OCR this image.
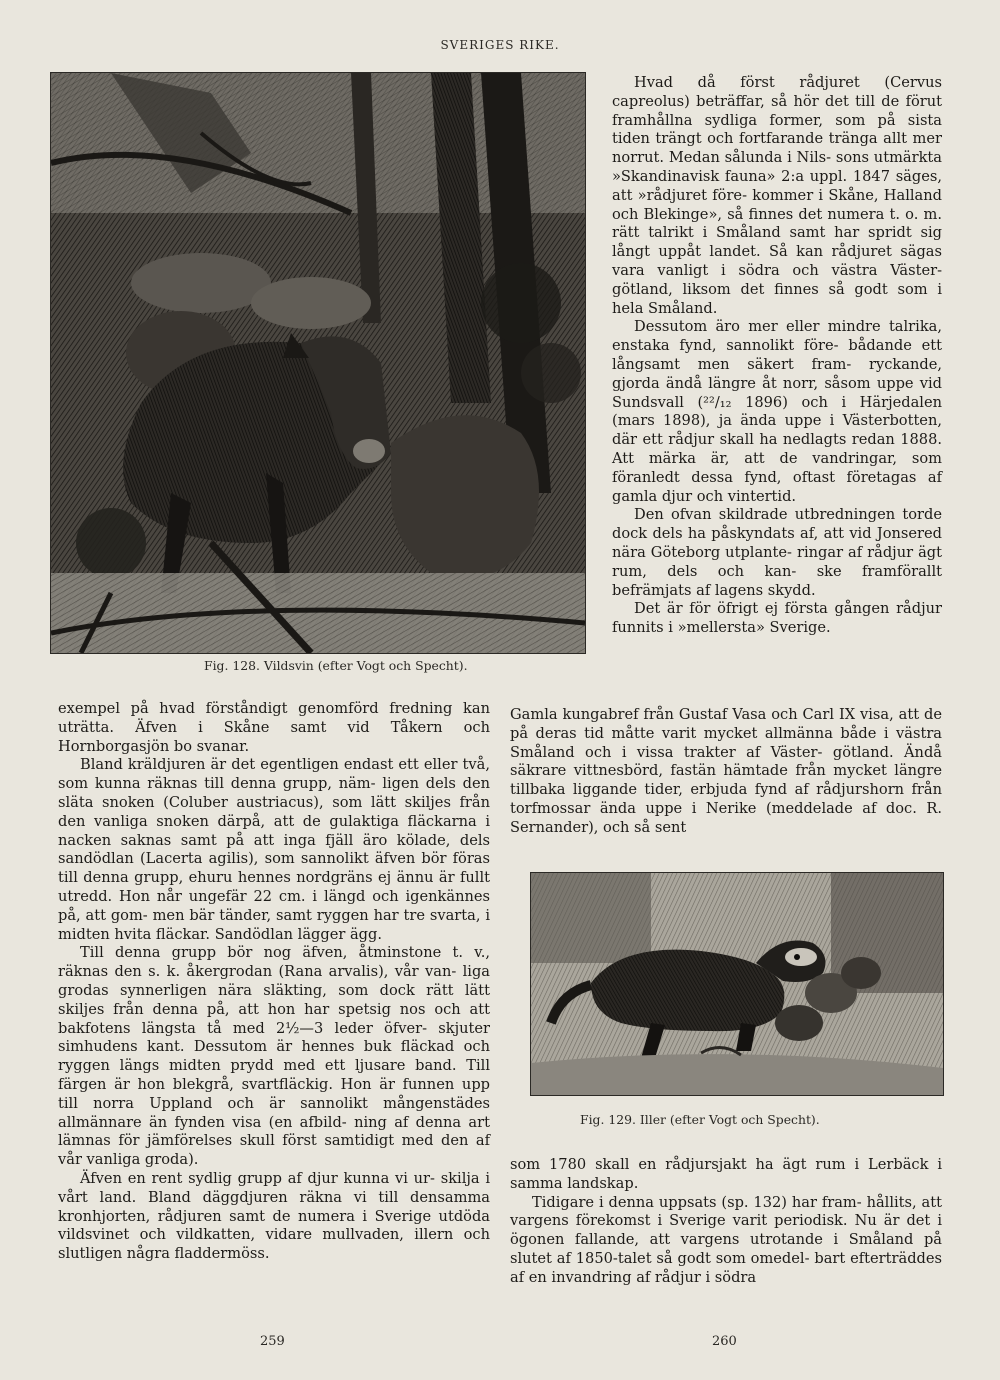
SVERIGES RIKE.
Fig. 128. Vildsvin (efter Vogt och Specht).

exempel på hvad förståndigt genomförd fredning kan uträtta. Äfven i Skåne samt vid Tåkern och Hornborgasjön bo svanar.

Bland kräldjuren är det egentligen endast ett eller två, som kunna räknas till denna grupp, näm- ligen dels den släta snoken (Coluber austriacus), som lätt skiljes från den vanliga snoken därpå, att de gulaktiga fläckarna i nacken saknas samt på att inga fjäll äro kölade, dels sandödlan (Lacerta agilis), som sannolikt äfven bör föras till denna grupp, ehuru hennes nordgräns ej ännu är fullt utredd. Hon når ungefär 22 cm. i längd och igenkännes på, att gom- men bär tänder, samt ryggen har tre svarta, i midten hvita fläckar. Sandödlan lägger ägg.

Till denna grupp bör nog äfven, åtminstone t. v., räknas den s. k. åkergrodan (Rana arvalis), vår van- liga grodas synnerligen nära släkting, som dock rätt lätt skiljes från denna på, att hon har spetsig nos och att bakfotens längsta tå med 2½—3 leder öfver- skjuter simhudens kant. Dessutom är hennes buk fläckad och ryggen längs midten prydd med ett ljusare band. Till färgen är hon blekgrå, svartfläckig. Hon är funnen upp till norra Uppland och är sannolikt mångenstädes allmännare än fynden visa (en afbild- ning af denna art lämnas för jämförelses skull först samtidigt med den af vår vanliga groda).

Äfven en rent sydlig grupp af djur kunna vi ur- skilja i vårt land. Bland däggdjuren räkna vi till densamma kronhjorten, rådjuren samt de numera i Sverige utdöda vildsvinet och vildkatten, vidare mullvaden, illern och slutligen några fladdermöss.

Hvad då först rådjuret (Cervus capreolus) beträffar, så hör det till de förut framhållna sydliga former, som på sista tiden trängt och fortfarande tränga allt mer norrut. Medan sålunda i Nils- sons utmärkta »Skandinavisk fauna» 2:a uppl. 1847 säges, att »rådjuret före- kommer i Skåne, Halland och Blekinge», så finnes det numera t. o. m. rätt talrikt i Småland samt har spridt sig långt uppåt landet. Så kan rådjuret sägas vara vanligt i södra och västra Väster- götland, liksom det finnes så godt som i hela Småland.

Dessutom äro mer eller mindre talrika, enstaka fynd, sannolikt före- bådande ett långsamt men säkert fram- ryckande, gjorda ändå längre åt norr, såsom uppe vid Sundsvall (²²/₁₂ 1896) och i Härjedalen (mars 1898), ja ända uppe i Västerbotten, där ett rådjur skall ha nedlagts redan 1888. Att märka är, att de vandringar, som föranledt dessa fynd, oftast företagas af gamla djur och vintertid.

Den ofvan skildrade utbredningen torde dock dels ha påskyndats af, att vid Jonsered nära Göteborg utplante- ringar af rådjur ägt rum, dels och kan- ske framförallt befrämjats af lagens skydd.

Det är för öfrigt ej första gången rådjur funnits i »mellersta» Sverige.

Gamla kungabref från Gustaf Vasa och Carl IX visa, att de på deras tid måtte varit mycket allmänna både i västra Småland och i vissa trakter af Väster- götland. Ändå säkrare vittnesbörd, fastän hämtade från mycket längre tillbaka liggande tider, erbjuda fynd af rådjurshorn från torfmossar ända uppe i Nerike (meddelade af doc. R. Sernander), och så sent

Fig. 129. Iller (efter Vogt och Specht).

som 1780 skall en rådjursjakt ha ägt rum i Lerbäck i samma landskap.

Tidigare i denna uppsats (sp. 132) har fram- hållits, att vargens förekomst i Sverige varit periodisk. Nu är det i ögonen fallande, att vargens utrotande i Småland på slutet af 1850-talet så godt som omedel- bart efterträddes af en invandring af rådjur i södra

259	260
